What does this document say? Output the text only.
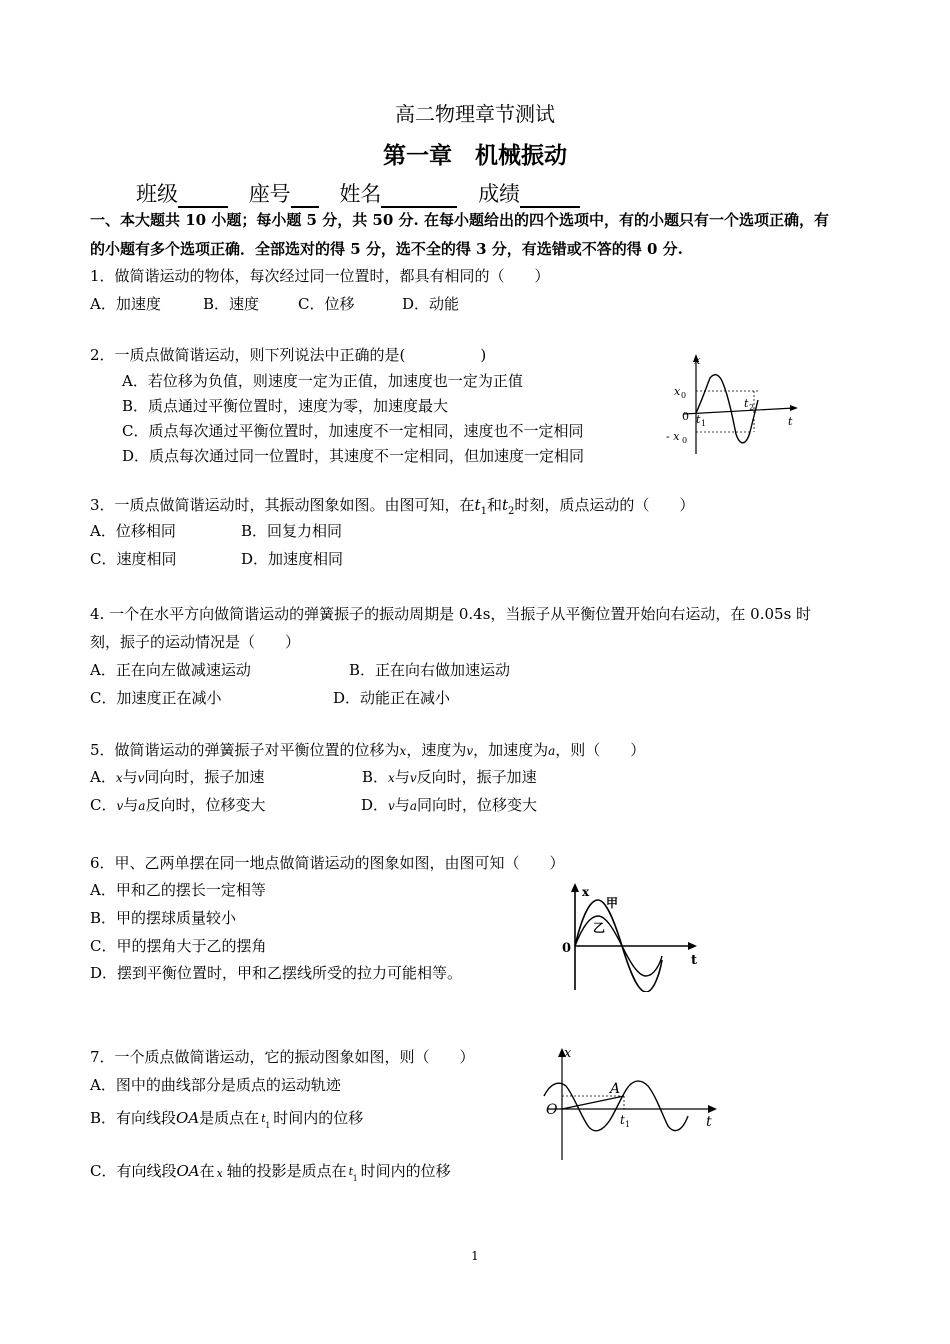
高二物理章节测试
第一章　机械振动
班级	座号 姓名	成绩
一、本大题共 10 小题；每小题 5 分，共 50 分. 在每小题给出的四个选项中，有的小题只有一个选项正确，有
的小题有多个选项正确．全部选对的得 5 分，选不全的得 3 分，有选错或不答的得 0 分.
1．做简谐运动的物体，每次经过同一位置时，都具有相同的（　　）
A．加速度	B．速度	C．位移	D．动能
2．一质点做简谐运动，则下列说法中正确的是(　　　　　)
A．若位移为负值，则速度一定为正值，加速度也一定为正值
B．质点通过平衡位置时，速度为零，加速度最大
C．质点每次通过平衡位置时，加速度不一定相同，速度也不一定相同
D．质点每次通过同一位置时，其速度不一定相同，但加速度一定相同
x
x 0
0
- x 0
t 1
t 2
t
3．一质点做简谐运动时，其振动图象如图。由图可知，在$t_1$和$t_2$时刻，质点运动的（　　）
A．位移相同	B．回复力相同
C．速度相同	D．加速度相同
4. 一个在水平方向做简谐运动的弹簧振子的振动周期是 0.4s，当振子从平衡位置开始向右运动，在 0.05s 时
刻，振子的运动情况是（　　）
A．正在向左做减速运动	B．正在向右做加速运动
C．加速度正在减小	D．动能正在减小
5．做简谐运动的弹簧振子对平衡位置的位移为x，速度为v，加速度为a，则（　　）
A．x与v同向时，振子加速	B．x与v反向时，振子加速
C．v与a反向时，位移变大	D．v与a同向时，位移变大
6．甲、乙两单摆在同一地点做简谐运动的图象如图，由图可知（　　）
A．甲和乙的摆长一定相等
B．甲的摆球质量较小
C．甲的摆角大于乙的摆角
D．摆到平衡位置时，甲和乙摆线所受的拉力可能相等。
x
甲
乙
0
t
7．一个质点做简谐运动，它的振动图象如图，则（　　）
A．图中的曲线部分是质点的运动轨迹
B．有向线段OA是质点在 t
1 时间内的位移
C．有向线段OA在 x 轴的投影是质点在 t
1 时间内的位移
x
O
A
t 1	t
1
